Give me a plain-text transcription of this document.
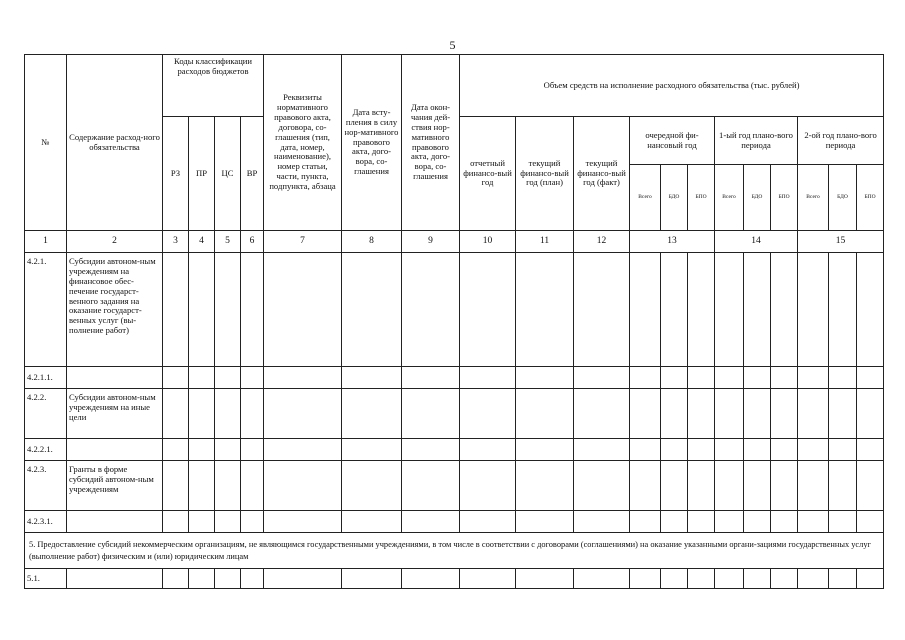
5
№	Содержание расход-ного обязательства	Коды классификации расходов бюджетов				Реквизиты нормативного правового акта, договора, со-глашения (тип, дата, номер, наименование), номер статьи, части, пункта, подпункта, абзаца	Дата всту-пления в силу нор-мативного правового акта, дого-вора, со-глашения	Дата окон-чания дей-ствия нор-мативного правового акта, дого-вора, со-глашения	Объем средств на исполнение расходного обязательства (тыс. рублей)											
		РЗ	ПР	ЦС	ВР				отчетный финансо-вый год	текущий финансо-вый год (план)	текущий финансо-вый год (факт)	очередной фи-нансовый год			1-ый год плано-вого периода			2-ой год плано-вого периода		
												Всего	БДО	БПО	Всего	БДО	БПО	Всего	БДО	БПО
1	2	3	4	5	6	7	8	9	10	11	12	13			14			15		
4.2.1.	Субсидии автоном-ным учреждениям на финансовое обес-печение государст-венного задания на оказание государст-венных услуг (вы-полнение работ)																			
4.2.1.1.																				
4.2.2.	Субсидии автоном-ным учреждениям на иные цели																			
4.2.2.1.																				
4.2.3.	Гранты в форме субсидий автоном-ным учреждениям																			
4.2.3.1.																				
5. Предоставление субсидий некоммерческим организациям, не являющимся государственными учреждениями, в том числе в соответствии с договорами (соглашениями) на оказание указанными органи-зациями государственных услуг (выполнение работ) физическим и (или) юридическим лицам																				
5.1.																				
